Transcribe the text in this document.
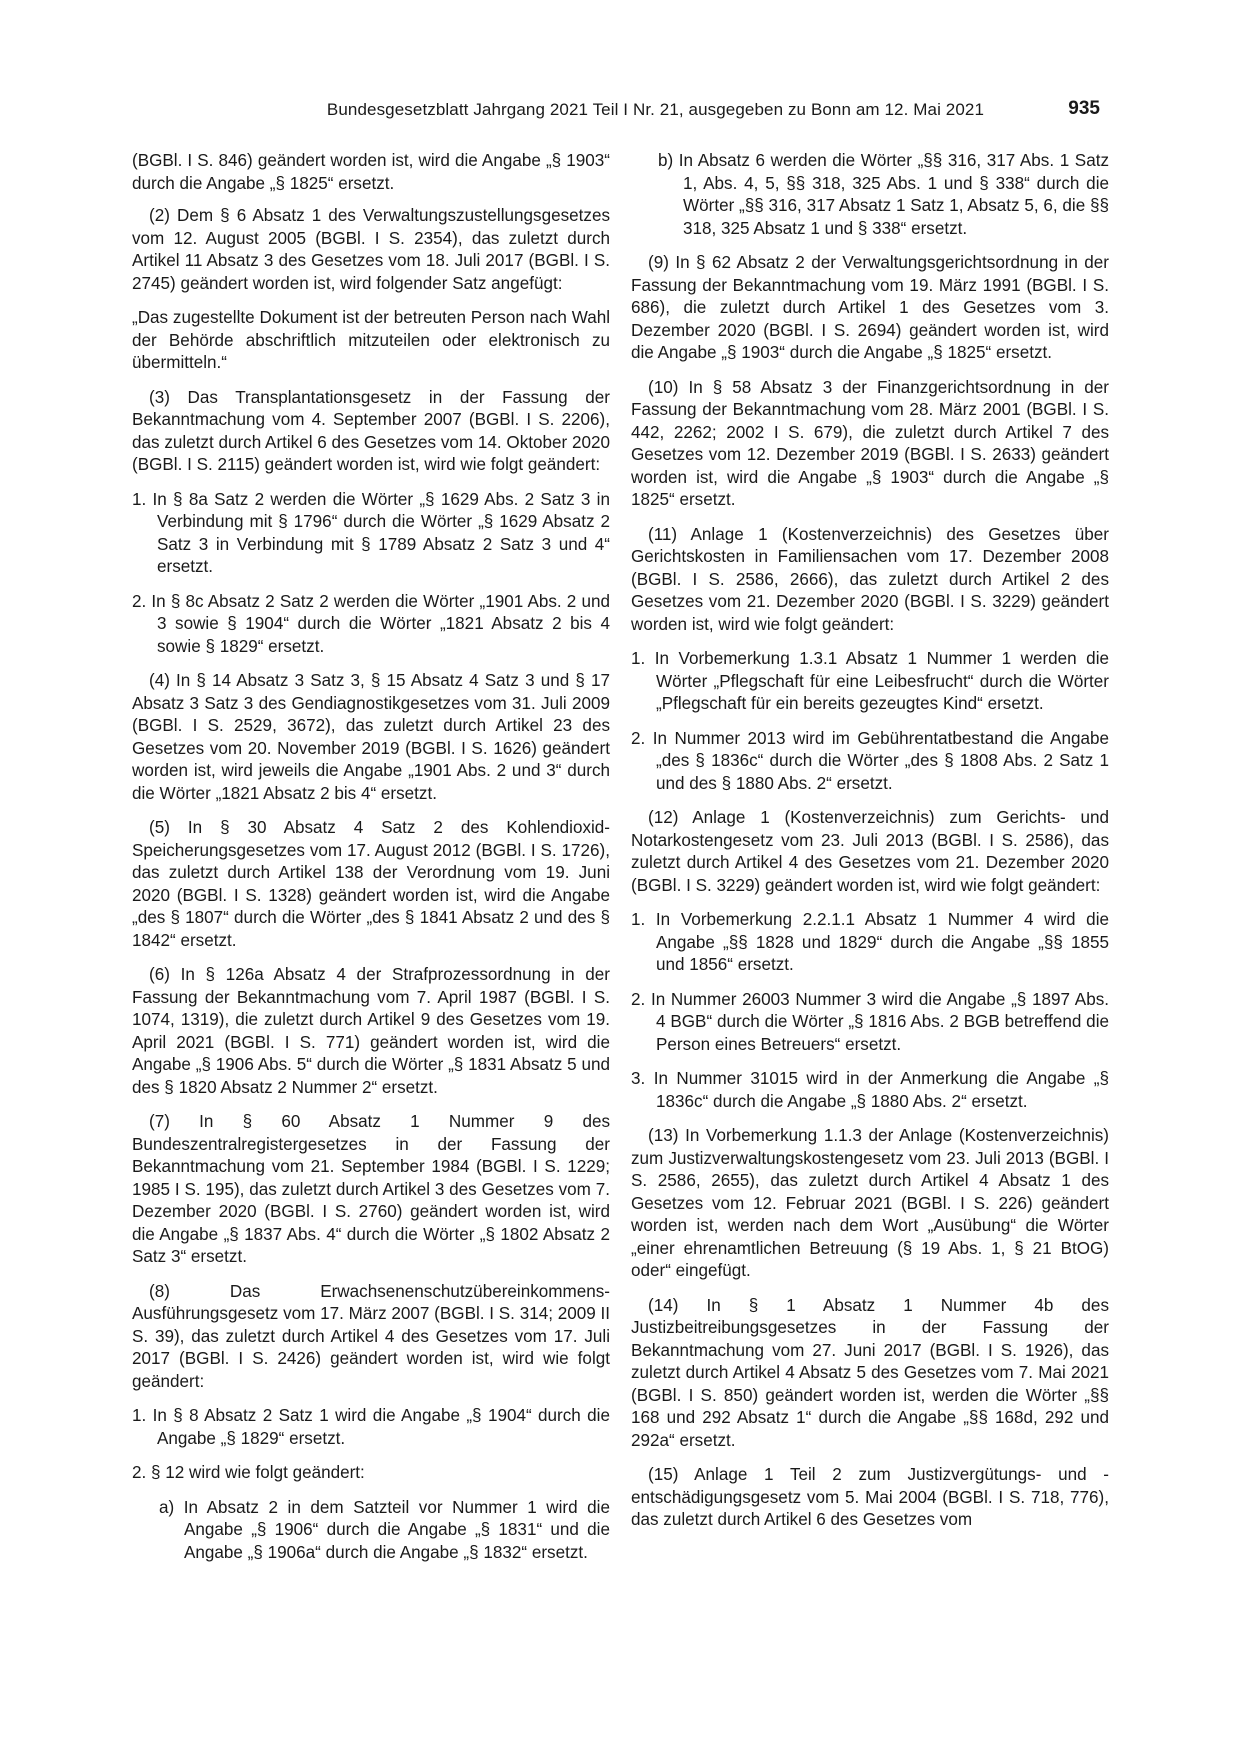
Bundesgesetzblatt Jahrgang 2021 Teil I Nr. 21, ausgegeben zu Bonn am 12. Mai 2021	935

(BGBl. I S. 846) geändert worden ist, wird die Angabe „§ 1903“ durch die Angabe „§ 1825“ ersetzt.

(2) Dem § 6 Absatz 1 des Verwaltungszustellungsgesetzes vom 12. August 2005 (BGBl. I S. 2354), das zuletzt durch Artikel 11 Absatz 3 des Gesetzes vom 18. Juli 2017 (BGBl. I S. 2745) geändert worden ist, wird folgender Satz angefügt:

„Das zugestellte Dokument ist der betreuten Person nach Wahl der Behörde abschriftlich mitzuteilen oder elektronisch zu übermitteln.“

(3) Das Transplantationsgesetz in der Fassung der Bekanntmachung vom 4. September 2007 (BGBl. I S. 2206), das zuletzt durch Artikel 6 des Gesetzes vom 14. Oktober 2020 (BGBl. I S. 2115) geändert worden ist, wird wie folgt geändert:

1. In § 8a Satz 2 werden die Wörter „§ 1629 Abs. 2 Satz 3 in Verbindung mit § 1796“ durch die Wörter „§ 1629 Absatz 2 Satz 3 in Verbindung mit § 1789 Absatz 2 Satz 3 und 4“ ersetzt.

2. In § 8c Absatz 2 Satz 2 werden die Wörter „1901 Abs. 2 und 3 sowie § 1904“ durch die Wörter „1821 Absatz 2 bis 4 sowie § 1829“ ersetzt.

(4) In § 14 Absatz 3 Satz 3, § 15 Absatz 4 Satz 3 und § 17 Absatz 3 Satz 3 des Gendiagnostikgesetzes vom 31. Juli 2009 (BGBl. I S. 2529, 3672), das zuletzt durch Artikel 23 des Gesetzes vom 20. November 2019 (BGBl. I S. 1626) geändert worden ist, wird jeweils die Angabe „1901 Abs. 2 und 3“ durch die Wörter „1821 Absatz 2 bis 4“ ersetzt.

(5) In § 30 Absatz 4 Satz 2 des Kohlendioxid-Speicherungsgesetzes vom 17. August 2012 (BGBl. I S. 1726), das zuletzt durch Artikel 138 der Verordnung vom 19. Juni 2020 (BGBl. I S. 1328) geändert worden ist, wird die Angabe „des § 1807“ durch die Wörter „des § 1841 Absatz 2 und des § 1842“ ersetzt.

(6) In § 126a Absatz 4 der Strafprozessordnung in der Fassung der Bekanntmachung vom 7. April 1987 (BGBl. I S. 1074, 1319), die zuletzt durch Artikel 9 des Gesetzes vom 19. April 2021 (BGBl. I S. 771) geändert worden ist, wird die Angabe „§ 1906 Abs. 5“ durch die Wörter „§ 1831 Absatz 5 und des § 1820 Absatz 2 Nummer 2“ ersetzt.

(7) In § 60 Absatz 1 Nummer 9 des Bundeszentralregistergesetzes in der Fassung der Bekanntmachung vom 21. September 1984 (BGBl. I S. 1229; 1985 I S. 195), das zuletzt durch Artikel 3 des Gesetzes vom 7. Dezember 2020 (BGBl. I S. 2760) geändert worden ist, wird die Angabe „§ 1837 Abs. 4“ durch die Wörter „§ 1802 Absatz 2 Satz 3“ ersetzt.

(8) Das Erwachsenenschutzübereinkommens-Ausführungsgesetz vom 17. März 2007 (BGBl. I S. 314; 2009 II S. 39), das zuletzt durch Artikel 4 des Gesetzes vom 17. Juli 2017 (BGBl. I S. 2426) geändert worden ist, wird wie folgt geändert:

1. In § 8 Absatz 2 Satz 1 wird die Angabe „§ 1904“ durch die Angabe „§ 1829“ ersetzt.

2. § 12 wird wie folgt geändert:

a) In Absatz 2 in dem Satzteil vor Nummer 1 wird die Angabe „§ 1906“ durch die Angabe „§ 1831“ und die Angabe „§ 1906a“ durch die Angabe „§ 1832“ ersetzt.

b) In Absatz 6 werden die Wörter „§§ 316, 317 Abs. 1 Satz 1, Abs. 4, 5, §§ 318, 325 Abs. 1 und § 338“ durch die Wörter „§§ 316, 317 Absatz 1 Satz 1, Absatz 5, 6, die §§ 318, 325 Absatz 1 und § 338“ ersetzt.

(9) In § 62 Absatz 2 der Verwaltungsgerichtsordnung in der Fassung der Bekanntmachung vom 19. März 1991 (BGBl. I S. 686), die zuletzt durch Artikel 1 des Gesetzes vom 3. Dezember 2020 (BGBl. I S. 2694) geändert worden ist, wird die Angabe „§ 1903“ durch die Angabe „§ 1825“ ersetzt.

(10) In § 58 Absatz 3 der Finanzgerichtsordnung in der Fassung der Bekanntmachung vom 28. März 2001 (BGBl. I S. 442, 2262; 2002 I S. 679), die zuletzt durch Artikel 7 des Gesetzes vom 12. Dezember 2019 (BGBl. I S. 2633) geändert worden ist, wird die Angabe „§ 1903“ durch die Angabe „§ 1825“ ersetzt.

(11) Anlage 1 (Kostenverzeichnis) des Gesetzes über Gerichtskosten in Familiensachen vom 17. Dezember 2008 (BGBl. I S. 2586, 2666), das zuletzt durch Artikel 2 des Gesetzes vom 21. Dezember 2020 (BGBl. I S. 3229) geändert worden ist, wird wie folgt geändert:

1. In Vorbemerkung 1.3.1 Absatz 1 Nummer 1 werden die Wörter „Pflegschaft für eine Leibesfrucht“ durch die Wörter „Pflegschaft für ein bereits gezeugtes Kind“ ersetzt.

2. In Nummer 2013 wird im Gebührentatbestand die Angabe „des § 1836c“ durch die Wörter „des § 1808 Abs. 2 Satz 1 und des § 1880 Abs. 2“ ersetzt.

(12) Anlage 1 (Kostenverzeichnis) zum Gerichts- und Notarkostengesetz vom 23. Juli 2013 (BGBl. I S. 2586), das zuletzt durch Artikel 4 des Gesetzes vom 21. Dezember 2020 (BGBl. I S. 3229) geändert worden ist, wird wie folgt geändert:

1. In Vorbemerkung 2.2.1.1 Absatz 1 Nummer 4 wird die Angabe „§§ 1828 und 1829“ durch die Angabe „§§ 1855 und 1856“ ersetzt.

2. In Nummer 26003 Nummer 3 wird die Angabe „§ 1897 Abs. 4 BGB“ durch die Wörter „§ 1816 Abs. 2 BGB betreffend die Person eines Betreuers“ ersetzt.

3. In Nummer 31015 wird in der Anmerkung die Angabe „§ 1836c“ durch die Angabe „§ 1880 Abs. 2“ ersetzt.

(13) In Vorbemerkung 1.1.3 der Anlage (Kostenverzeichnis) zum Justizverwaltungskostengesetz vom 23. Juli 2013 (BGBl. I S. 2586, 2655), das zuletzt durch Artikel 4 Absatz 1 des Gesetzes vom 12. Februar 2021 (BGBl. I S. 226) geändert worden ist, werden nach dem Wort „Ausübung“ die Wörter „einer ehrenamtlichen Betreuung (§ 19 Abs. 1, § 21 BtOG) oder“ eingefügt.

(14) In § 1 Absatz 1 Nummer 4b des Justizbeitreibungsgesetzes in der Fassung der Bekanntmachung vom 27. Juni 2017 (BGBl. I S. 1926), das zuletzt durch Artikel 4 Absatz 5 des Gesetzes vom 7. Mai 2021 (BGBl. I S. 850) geändert worden ist, werden die Wörter „§§ 168 und 292 Absatz 1“ durch die Angabe „§§ 168d, 292 und 292a“ ersetzt.

(15) Anlage 1 Teil 2 zum Justizvergütungs- und -entschädigungsgesetz vom 5. Mai 2004 (BGBl. I S. 718, 776), das zuletzt durch Artikel 6 des Gesetzes vom
